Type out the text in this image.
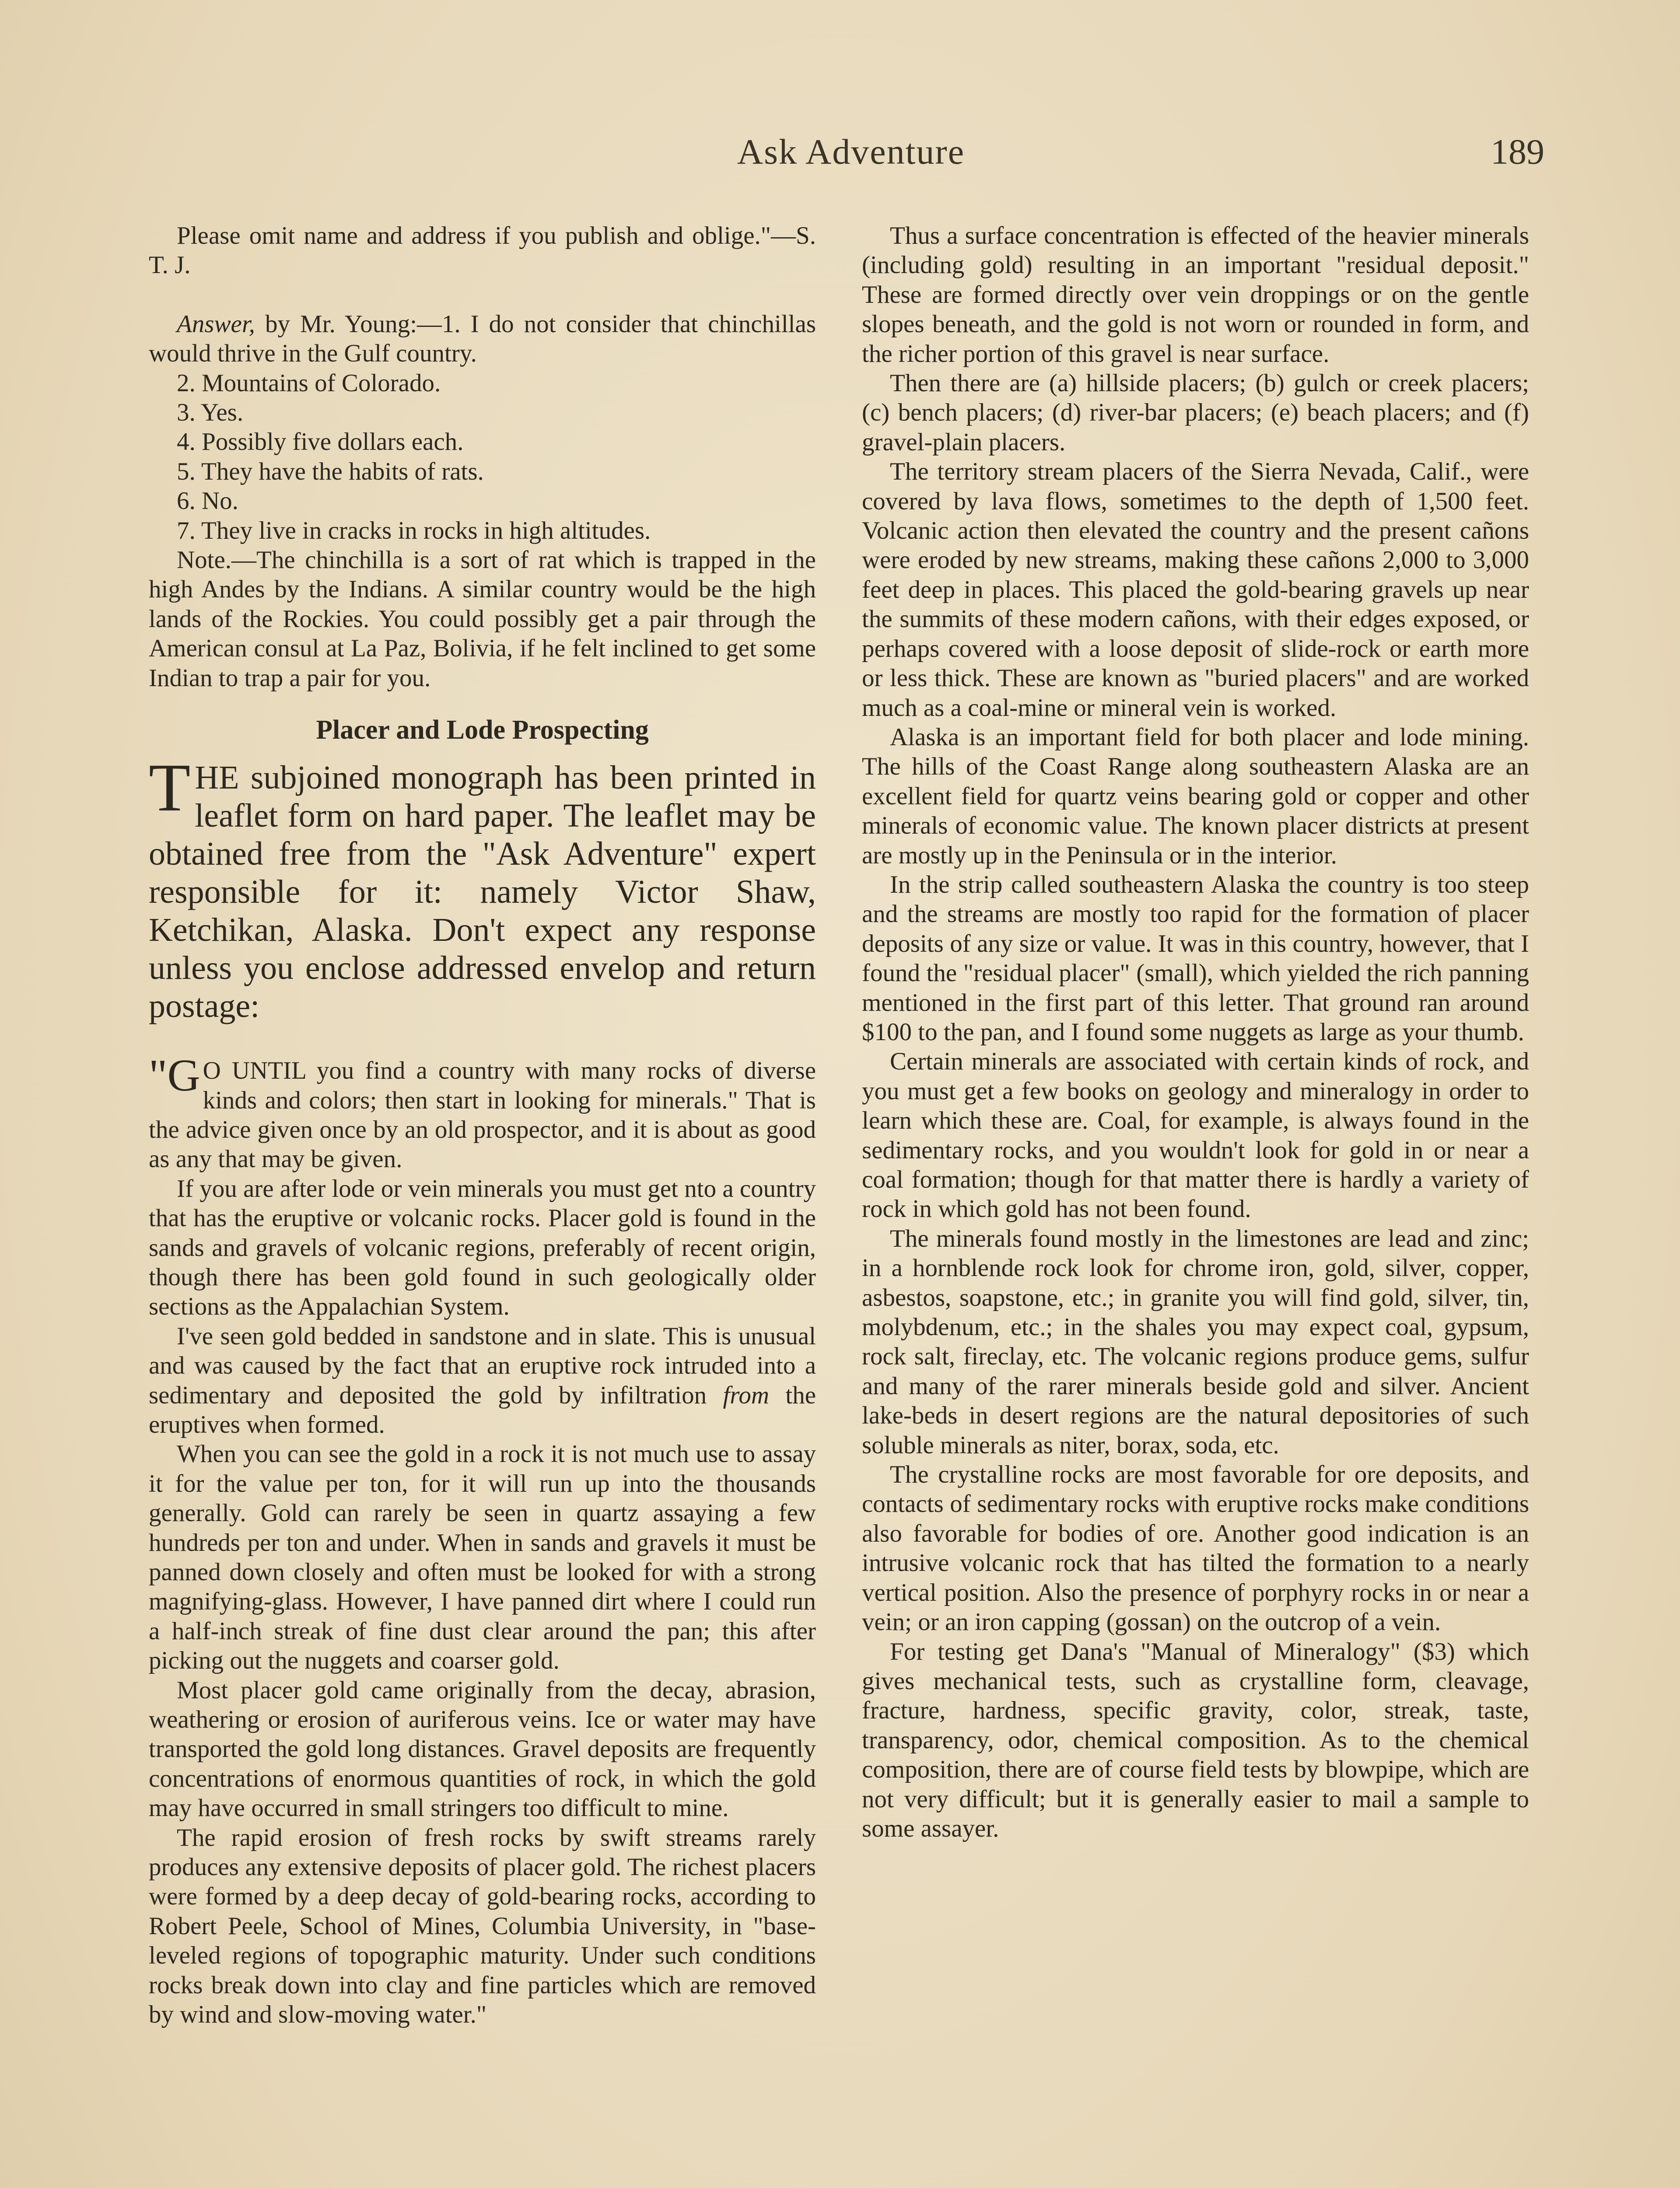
Ask Adventure	189

Please omit name and address if you publish and oblige."—S. T. J.

Answer, by Mr. Young:—1. I do not consider that chinchillas would thrive in the Gulf country.

2. Mountains of Colorado.

3. Yes.

4. Possibly five dollars each.

5. They have the habits of rats.

6. No.

7. They live in cracks in rocks in high altitudes.

Note.—The chinchilla is a sort of rat which is trapped in the high Andes by the Indians. A similar country would be the high lands of the Rockies. You could possibly get a pair through the American consul at La Paz, Bolivia, if he felt inclined to get some Indian to trap a pair for you.

Placer and Lode Prospecting

THE subjoined monograph has been printed in leaflet form on hard paper. The leaflet may be obtained free from the "Ask Adventure" expert responsible for it: namely Victor Shaw, Ketchikan, Alaska. Don't expect any response unless you enclose addressed envelop and return postage:

"G O UNTIL you find a country with many rocks of diverse kinds and colors; then start in looking for minerals." That is the advice given once by an old prospector, and it is about as good as any that may be given.

If you are after lode or vein minerals you must get nto a country that has the eruptive or volcanic rocks. Placer gold is found in the sands and gravels of volcanic regions, preferably of recent origin, though there has been gold found in such geologically older sections as the Appalachian System.

I've seen gold bedded in sandstone and in slate. This is unusual and was caused by the fact that an eruptive rock intruded into a sedimentary and deposited the gold by infiltration from the eruptives when formed.

When you can see the gold in a rock it is not much use to assay it for the value per ton, for it will run up into the thousands generally. Gold can rarely be seen in quartz assaying a few hundreds per ton and under. When in sands and gravels it must be panned down closely and often must be looked for with a strong magnifying-glass. However, I have panned dirt where I could run a half-inch streak of fine dust clear around the pan; this after picking out the nuggets and coarser gold.

Most placer gold came originally from the decay, abrasion, weathering or erosion of auriferous veins. Ice or water may have transported the gold long distances. Gravel deposits are frequently concentrations of enormous quantities of rock, in which the gold may have occurred in small stringers too difficult to mine.

The rapid erosion of fresh rocks by swift streams rarely produces any extensive deposits of placer gold. The richest placers were formed by a deep decay of gold-bearing rocks, according to Robert Peele, School of Mines, Columbia University, in "base-leveled regions of topographic maturity. Under such conditions rocks break down into clay and fine particles which are removed by wind and slow-moving water."

Thus a surface concentration is effected of the heavier minerals (including gold) resulting in an important "residual deposit." These are formed directly over vein droppings or on the gentle slopes beneath, and the gold is not worn or rounded in form, and the richer portion of this gravel is near surface.

Then there are (a) hillside placers; (b) gulch or creek placers; (c) bench placers; (d) river-bar placers; (e) beach placers; and (f) gravel-plain placers.

The territory stream placers of the Sierra Nevada, Calif., were covered by lava flows, sometimes to the depth of 1,500 feet. Volcanic action then elevated the country and the present cañons were eroded by new streams, making these cañons 2,000 to 3,000 feet deep in places. This placed the gold-bearing gravels up near the summits of these modern cañons, with their edges exposed, or perhaps covered with a loose deposit of slide-rock or earth more or less thick. These are known as "buried placers" and are worked much as a coal-mine or mineral vein is worked.

Alaska is an important field for both placer and lode mining. The hills of the Coast Range along southeastern Alaska are an excellent field for quartz veins bearing gold or copper and other minerals of economic value. The known placer districts at present are mostly up in the Peninsula or in the interior.

In the strip called southeastern Alaska the country is too steep and the streams are mostly too rapid for the formation of placer deposits of any size or value. It was in this country, however, that I found the "residual placer" (small), which yielded the rich panning mentioned in the first part of this letter. That ground ran around $100 to the pan, and I found some nuggets as large as your thumb.

Certain minerals are associated with certain kinds of rock, and you must get a few books on geology and mineralogy in order to learn which these are. Coal, for example, is always found in the sedimentary rocks, and you wouldn't look for gold in or near a coal formation; though for that matter there is hardly a variety of rock in which gold has not been found.

The minerals found mostly in the limestones are lead and zinc; in a hornblende rock look for chrome iron, gold, silver, copper, asbestos, soapstone, etc.; in granite you will find gold, silver, tin, molybdenum, etc.; in the shales you may expect coal, gypsum, rock salt, fireclay, etc. The volcanic regions produce gems, sulfur and many of the rarer minerals beside gold and silver. Ancient lake-beds in desert regions are the natural depositories of such soluble minerals as niter, borax, soda, etc.

The crystalline rocks are most favorable for ore deposits, and contacts of sedimentary rocks with eruptive rocks make conditions also favorable for bodies of ore. Another good indication is an intrusive volcanic rock that has tilted the formation to a nearly vertical position. Also the presence of porphyry rocks in or near a vein; or an iron capping (gossan) on the outcrop of a vein.

For testing get Dana's "Manual of Mineralogy" ($3) which gives mechanical tests, such as crystalline form, cleavage, fracture, hardness, specific gravity, color, streak, taste, transparency, odor, chemical composition. As to the chemical composition, there are of course field tests by blowpipe, which are not very difficult; but it is generally easier to mail a sample to some assayer.
